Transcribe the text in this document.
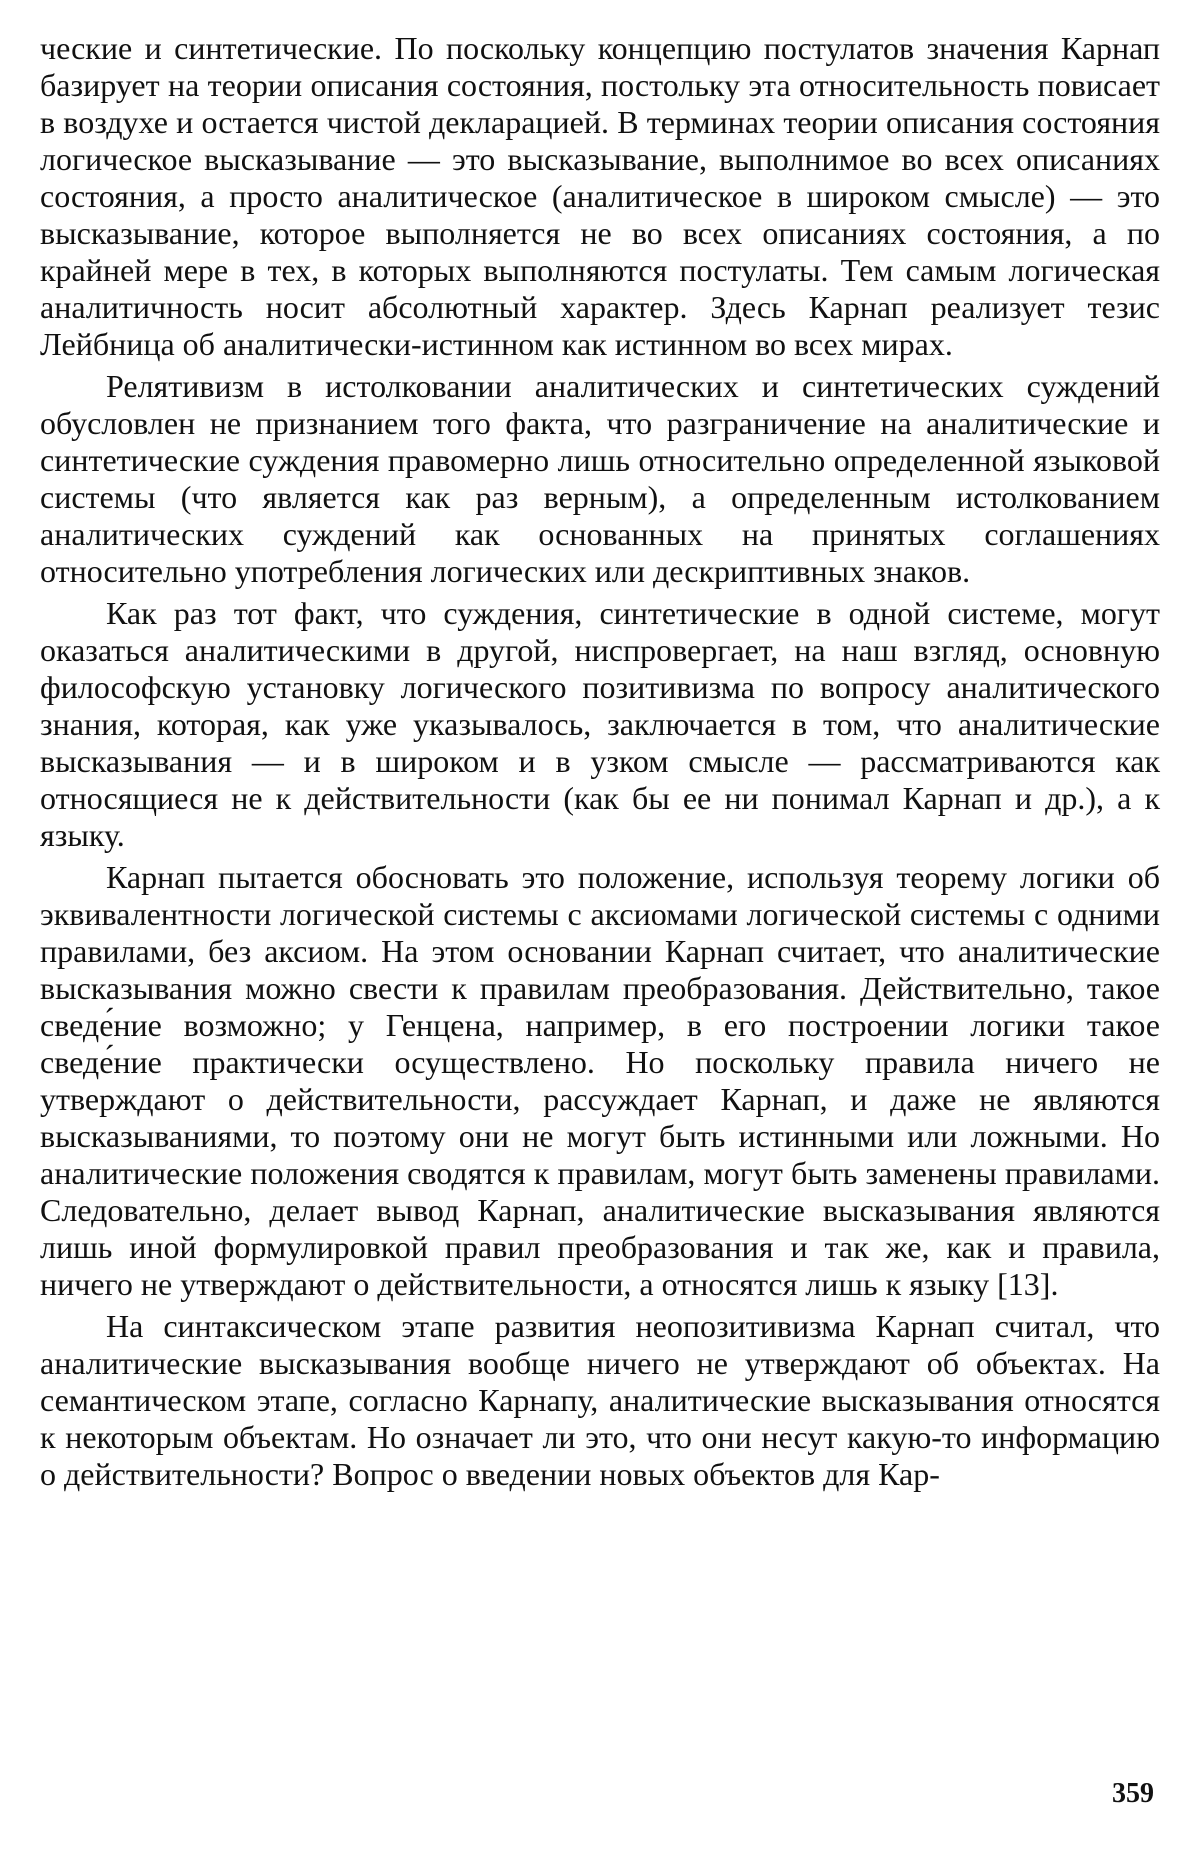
ческие и синтетические. По поскольку концепцию постулатов значения Карнап базирует на теории описания состояния, постольку эта относительность повисает в воздухе и остается чистой декларацией. В терминах теории описания состояния логическое высказывание — это высказывание, выполнимое во всех описаниях состояния, а просто аналитическое (аналитическое в широком смысле) — это высказывание, которое выполняется не во всех описаниях состояния, а по крайней мере в тех, в которых выполняются постулаты. Тем самым логическая аналитичность носит абсолютный характер. Здесь Карнап реализует тезис Лейбница об аналитически-истинном как истинном во всех мирах.

Релятивизм в истолковании аналитических и синтетических суждений обусловлен не признанием того факта, что разграничение на аналитические и синтетические суждения правомерно лишь относительно определенной языковой системы (что является как раз верным), а определенным истолкованием аналитических суждений как основанных на принятых соглашениях относительно употребления логических или дескриптивных знаков.

Как раз тот факт, что суждения, синтетические в одной системе, могут оказаться аналитическими в другой, ниспровергает, на наш взгляд, основную философскую установку логического позитивизма по вопросу аналитического знания, которая, как уже указывалось, заключается в том, что аналитические высказывания — и в широком и в узком смысле — рассматриваются как относящиеся не к действительности (как бы ее ни понимал Карнап и др.), а к языку.

Карнап пытается обосновать это положение, используя теорему логики об эквивалентности логической системы с аксиомами логической системы с одними правилами, без аксиом. На этом основании Карнап считает, что аналитические высказывания можно свести к правилам преобразования. Действительно, такое сведе́ние возможно; у Генцена, например, в его построении логики такое сведе́ние практически осуществлено. Но поскольку правила ничего не утверждают о действительности, рассуждает Карнап, и даже не являются высказываниями, то поэтому они не могут быть истинными или ложными. Но аналитические положения сводятся к правилам, могут быть заменены правилами. Следовательно, делает вывод Карнап, аналитические высказывания являются лишь иной формулировкой правил преобразования и так же, как и правила, ничего не утверждают о действительности, а относятся лишь к языку [13].

На синтаксическом этапе развития неопозитивизма Карнап считал, что аналитические высказывания вообще ничего не утверждают об объектах. На семантическом этапе, согласно Карнапу, аналитические высказывания относятся к некоторым объектам. Но означает ли это, что они несут какую-то информацию о действительности? Вопрос о введении новых объектов для Кар-

359
